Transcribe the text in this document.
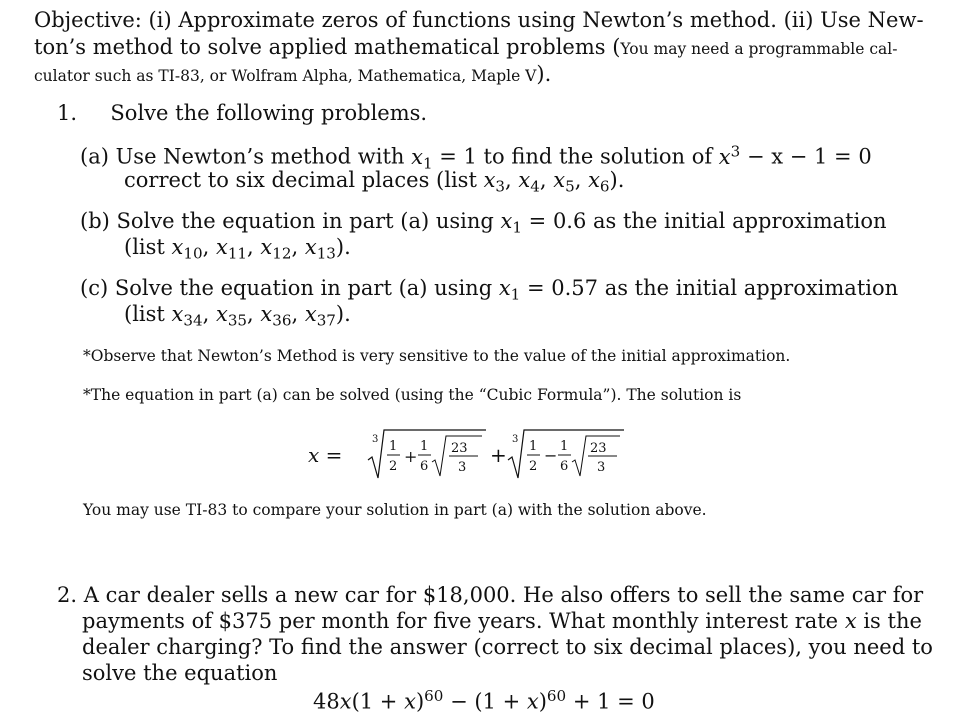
Objective: (i) Approximate zeros of functions using Newton’s method. (ii) Use New-
ton’s method to solve applied mathematical problems (You may need a programmable cal-
culator such as TI-83, or Wolfram Alpha, Mathematica, Maple V).
1. Solve the following problems.
(a) Use Newton’s method with $x_1 = 1$ to find the solution of $x^3 - x - 1 = 0$
correct to six decimal places (list $x_3$, $x_4$, $x_5$, $x_6$).
(b) Solve the equation in part (a) using $x_1 = 0.6$ as the initial approximation
(list $x_{10}$, $x_{11}$, $x_{12}$, $x_{13}$).
(c) Solve the equation in part (a) using $x_1 = 0.57$ as the initial approximation
(list $x_{34}$, $x_{35}$, $x_{36}$, $x_{37}$).
*Observe that Newton’s Method is very sensitive to the value of the initial approximation.
*The equation in part (a) can be solved (using the “Cubic Formula”). The solution is
x =
3 1
2
+
1
6
23
3
+
3 1
2
− 1
6
23
3
You may use TI-83 to compare your solution in part (a) with the solution above.
2. A car dealer sells a new car for $18,000. He also offers to sell the same car for
payments of $375 per month for five years. What monthly interest rate x is the
dealer charging? To find the answer (correct to six decimal places), you need to
solve the equation
$48x(1 + x)^{60} - (1 + x)^{60} + 1 = 0$
